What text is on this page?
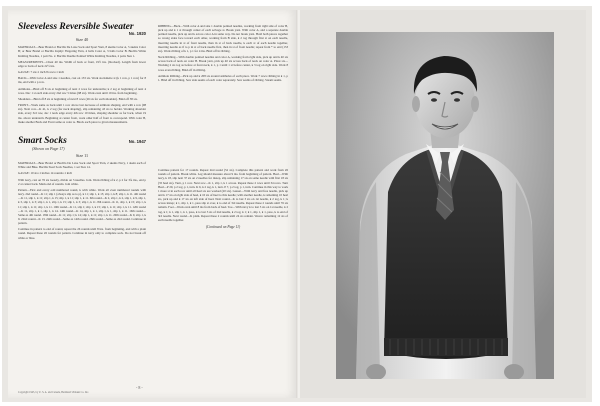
Sleeveless Reversible Sweater
No. 1920
Size 40

MATERIALS—Bear Brand or Bucilla De Luxe Sock and Sport Yarn, 8 skeins Color A, 5 skeins Color B; or Bear Brand or Bucilla Zephyr Fingering Yarn, 4 balls Color A, 3 balls Color B. Bucilla White Knitting Needles, 1 pair No. 2. Bucilla Double Pointed White Knitting Needles, 2 pairs Size 1.

MEASUREMENTS—Chest 40 ins. Width of back or front, 19½ ins. (blocked). Length from lower edge to back of neck 22½ ins.

GAUGE: 7 sts=1 inch 8 rows=1 inch

BACK—With Color A and size 1 needles, cast on 133 sts. Work stockinette st (k 1 row, p 1 row) for 8 ins, end with a p row.

Armholes—Bind off 8 sts at beginning of next 2 rows for underarms; k 2 tog at beginning of next 4 rows. Dec 1 st each side every 2nd row 5 times (98 sts). Work even until 19 ins. from beginning.

Shoulders—Bind off 8 sts at beginning of next 8 rows (26 sts for each shoulder). Bind off 38 sts.

FRONT—Work same as back until 1 row above last decrease of armhole shaping, end with a row (98 sts). Next row—K 41, k 2 tog (for neck shaping), slip remaining 43 sts to holder. Working shoulder side, every 3rd row, dec 1 neck edge every 4th row 10 times, shaping shoulder as for back, when 19 ins. above underarm. Beginning at center front, work other half of front to correspond. With color B, make another Back and Front same as color A. Block each piece to given measurements.

Smart Socks	No. 1947
(Shown on Page 17)
Size 11

MATERIALS—Bear Brand or Bucilla De Luxe Sock and Sport Yarn, 2 skeins Navy, 1 skein each of White and Blue. Bucilla Steel Sock Needles, 1 set Size 14.

GAUGE: 10 sts=1 inches 14 rounds=1 inch

With navy, cast on 76 sts loosely, divide on 3 needles. Join. Work ribbing of k 2, p 2 for 3¾ ins., end p 2 at center back. Mark end of rounds. Join white.

Pattern—First and every odd numbered round, k with white. Work all even numbered rounds with navy. 2nd round—K 11; slip 1 (always slip as to p), k 11; slip 1, k 15; slip 1, k 8; slip 1, k 11. 4th round—K 11, slip 1, k 11; slip 1, k 15; slip 1, k 11; slip 1, k 11. 6th round—K 2, slip 1, k 2, slip 1, k 9, slip 1, k 3, slip 1, k 3; slip 1, k 1, slip 1, k 15; slip 1, k 3; slip 1, k 11. 8th round—K 11, slip 1, k 15; slip 1, k 11; slip 1, k 11; slip 1, k 11. 10th round—K 11, slip 1; slip 1, k 15; slip 1, k 11; slip 1, k 11. 12th round—K 11, slip 1, k 1, slip 1, k 14. 14th round—K 14, slip 1, k 1, slip 1, k 1, slip 1, k 11. 16th round—Same as 4th round. 18th round—K 11; slip 1; k 14; slip 1, k 11; slip 1, k 11. 20th round—K 9, slip 1, k 9. 22nd round—K 13. 24th round—Same as 14th round. 26th round—Same as 2nd round. Continue in pattern.

Continue in pattern to end of round, repeat the 26 rounds until 8 ins. from beginning, end with a plain round. Repeat these 26 rounds for pattern. Continue in navy only to complete sock. Do not break off white or blue.

RIBBING—Back—With color A and size 1 double pointed needles, working from right side of color B, pick up and k 1 st through center of each selvage st. Break yarn. With color A, and a separate double pointed needle, pick up and k across color A in same way. Do not break yarn. Hold both pieces together so wrong sides face toward each other, working from B side, k 2 tog through first st on each needle, inserting needle in st of front needle, then in st of back needle, k each st of each needle together, inserting needle as if to p in st of back needle first, then in st of front needle; repeat from * to end (133 sts). Work ribbing of k 1, p 1 for 4 ins. Bind off in ribbing.

Neck Ribbing—With double pointed needles and color A, working from right side, pick up and k 40 sts across back of neck on color B. Break yarn, pick up 40 sts across back of neck on color A. Place sts—Working 2 sts tog as before at front neck, k 1, p 1 until 1 st before center, k 3 tog on right side. Work 8 rows even ribbing. Bind off in ribbing.

Armhole Ribbing—Pick up and k 208 sts around armholes of each piece. Work 7 rows ribbing in k 1, p 1. Bind off in ribbing. Sew side seams of each color separately. Sew seams of ribbing. Steam seams.

Continue pattern for 17 rounds. Repeat 2nd round (52 sts). Complete this pattern and work from 26 rounds of pattern. Break white. Leg should measure about 9 ins. from beginning of pattern. Heel—With navy, k 18, slip next 37 sts on 2 needles for instep, slip remaining 17 sts on same needle with first 18 sts (35 heel sts). Turn, p 1 row. Next row—K 1, slip 1, k 1 across. Repeat these 2 rows until 34 rows. Turn Heel—P 20, p 2 tog, p 1, turn. K 6, k 2 tog, k 1, turn. P 7, p 2 tog, p 1, turn. Continue in this way to work 1 more st in each row until all heel sts are worked (20 sts). Gusset—With navy and free needle, pick up and k 17 sts on right side of heel, k 10 sts of heel to this needle; with another needle, k remaining 10 heel sts, pick up and k 17 sts on left side of heel. Next round—K to last 3 sts on 1st needle, k 2 tog, k 1; k across instep; k 1, slip 1, k 1, pass slip st over, k to end of 3rd needle. Repeat these 2 rounds until 76 sts remain. Foot—Work even until 8 ins from back of heel. Toe—With navy k to last 3 sts on 1st needle, k 2 tog, k 1; k 1, slip 1, k 1, psso, k to last 3 sts of 2nd needle, k 2 tog, k 1; k 1, slip 1, k 1, psso, k to end of 3rd needle. Next round—K plain. Repeat these 2 rounds until 24 sts remain. Weave remaining 12 sts of each needle together.

(Continued on Page 11)
- 8 -
Copyright 1945, by U. S. A. and Canada, Bernhard Ulmann Co. Inc.
